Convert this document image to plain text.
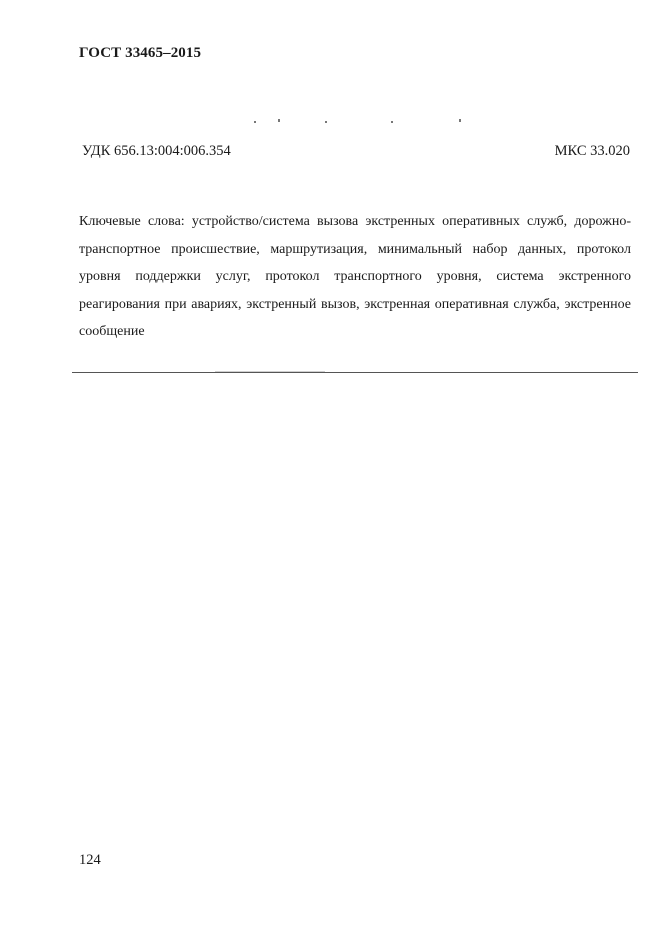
ГОСТ 33465–2015
УДК 656.13:004:006.354	МКС 33.020
Ключевые слова: устройство/система вызова экстренных оперативных служб, дорожно-транспортное происшествие, маршрутизация, минимальный набор данных, протокол уровня поддержки услуг, протокол транспортного уровня, система экстренного реагирования при авариях, экстренный вызов, экстренная оперативная служба, экстренное сообщение
124
